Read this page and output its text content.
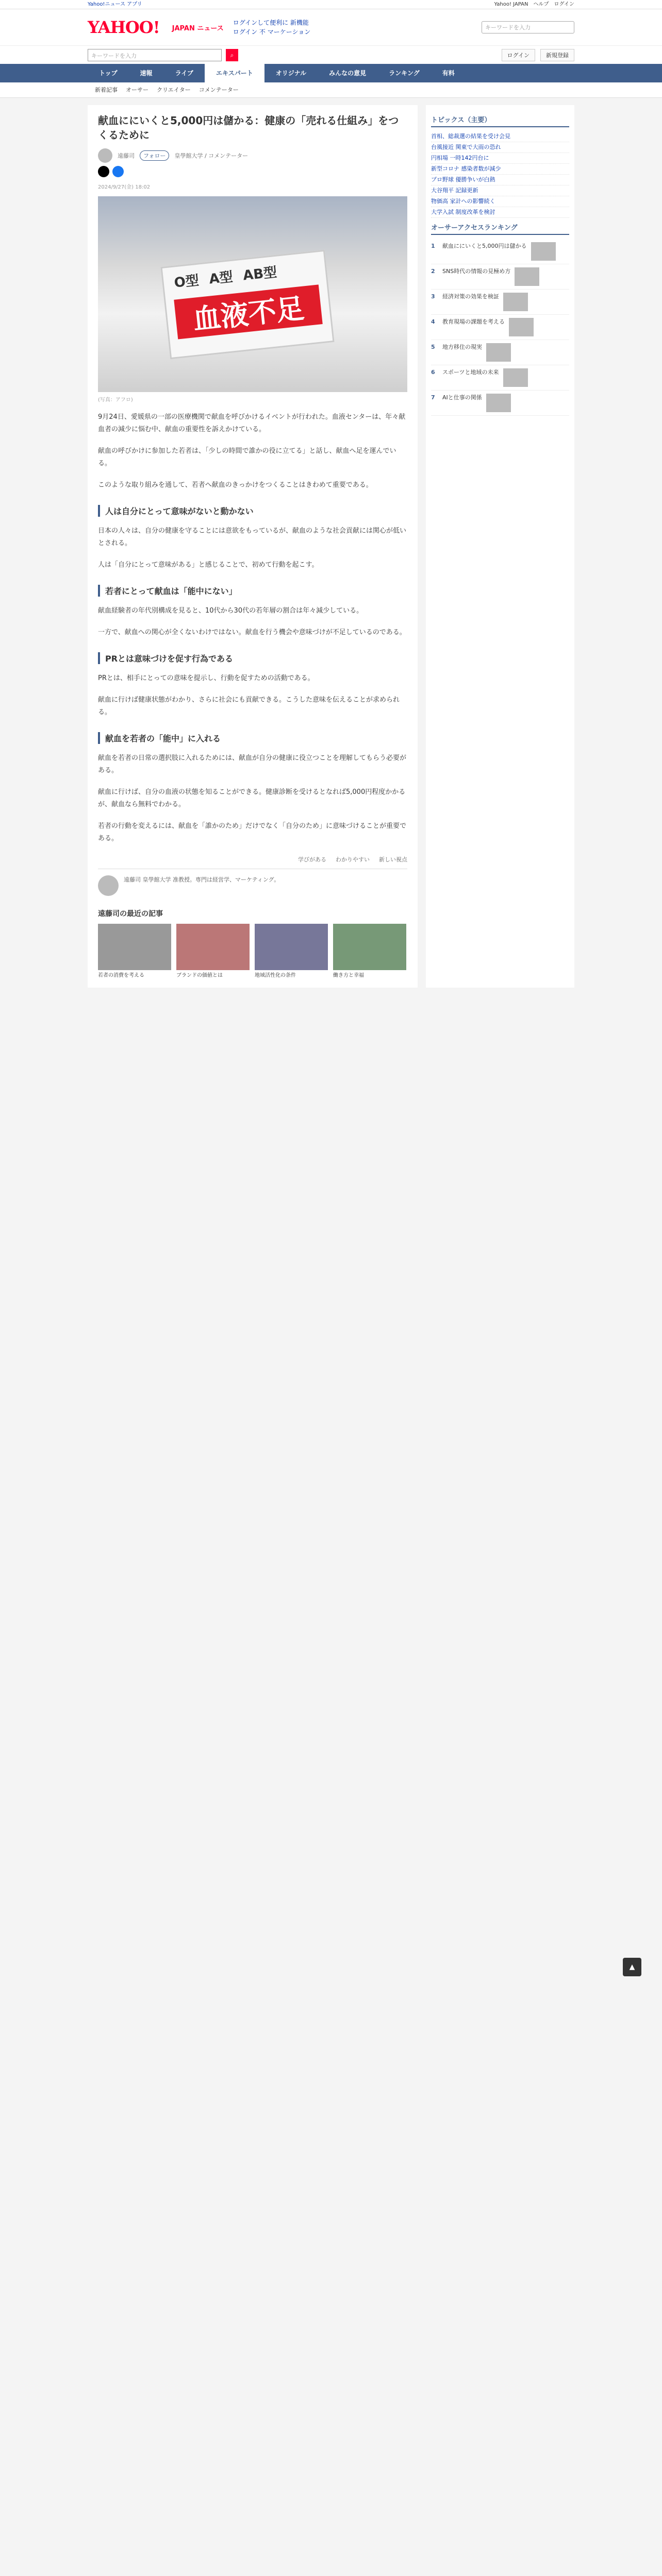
Yahoo!ニュース アプリ	Yahoo! JAPAN ヘルプ ログイン
YAHOO! JAPAN ニュース
ログインして便利に 新機能
ログイン 不 マーケーション
キーワードを入力
キーワードを入力	⌕	ログイン	新規登録
トップ	速報	ライブ	エキスパート	オリジナル	みんなの意見	ランキング	有料
新着記事 オーサー クリエイター コメンテーター
献血ににいくと5,000円は儲かる：健康の「売れる仕組み」をつくるために
遠藤司	フォロー	皇學館大学 / コメンテーター
2024/9/27(金) 18:02
O型 A型 AB型
血液不足
(写真：アフロ)

9月24日、愛媛県の一部の医療機関で献血を呼びかけるイベントが行われた。血液センターは、年々献血者の減少に悩む中、献血の重要性を訴えかけている。

献血の呼びかけに参加した若者は、「少しの時間で誰かの役に立てる」と話し、献血へ足を運んでいる。

このような取り組みを通して、若者へ献血のきっかけをつくることはきわめて重要である。

人は自分にとって意味がないと動かない

日本の人々は、自分の健康を守ることには意欲をもっているが、献血のような社会貢献には関心が低いとされる。

人は「自分にとって意味がある」と感じることで、初めて行動を起こす。

若者にとって献血は「能中にない」

献血経験者の年代別構成を見ると、10代から30代の若年層の割合は年々減少している。

一方で、献血への関心が全くないわけではない。献血を行う機会や意味づけが不足しているのである。

PRとは意味づけを促す行為である

PRとは、相手にとっての意味を提示し、行動を促すための活動である。

献血に行けば健康状態がわかり、さらに社会にも貢献できる。こうした意味を伝えることが求められる。

献血を若者の「能中」に入れる

献血を若者の日常の選択肢に入れるためには、献血が自分の健康に役立つことを理解してもらう必要がある。

献血に行けば、自分の血液の状態を知ることができる。健康診断を受けるとなれば5,000円程度かかるが、献血なら無料でわかる。

若者の行動を変えるには、献血を「誰かのため」だけでなく「自分のため」に意味づけることが重要である。

学びがある わかりやすい 新しい視点
遠藤司 皇學館大学 准教授。専門は経営学、マーケティング。
遠藤司の最近の記事
若者の消費を考える	ブランドの価値とは	地域活性化の条件	働き方と幸福
トピックス（主要）
首相、総裁選の結果を受け会見
台風接近 関東で大雨の恐れ
円相場 一時142円台に
新型コロナ 感染者数が減少
プロ野球 優勝争いが白熱
大谷翔平 記録更新
物価高 家計への影響続く
大学入試 制度改革を検討
オーサーアクセスランキング
1	献血ににいくと5,000円は儲かる
2	SNS時代の情報の見極め方
3	経済対策の効果を検証
4	教育現場の課題を考える
5	地方移住の現実
6	スポーツと地域の未来
7	AIと仕事の関係
▲
